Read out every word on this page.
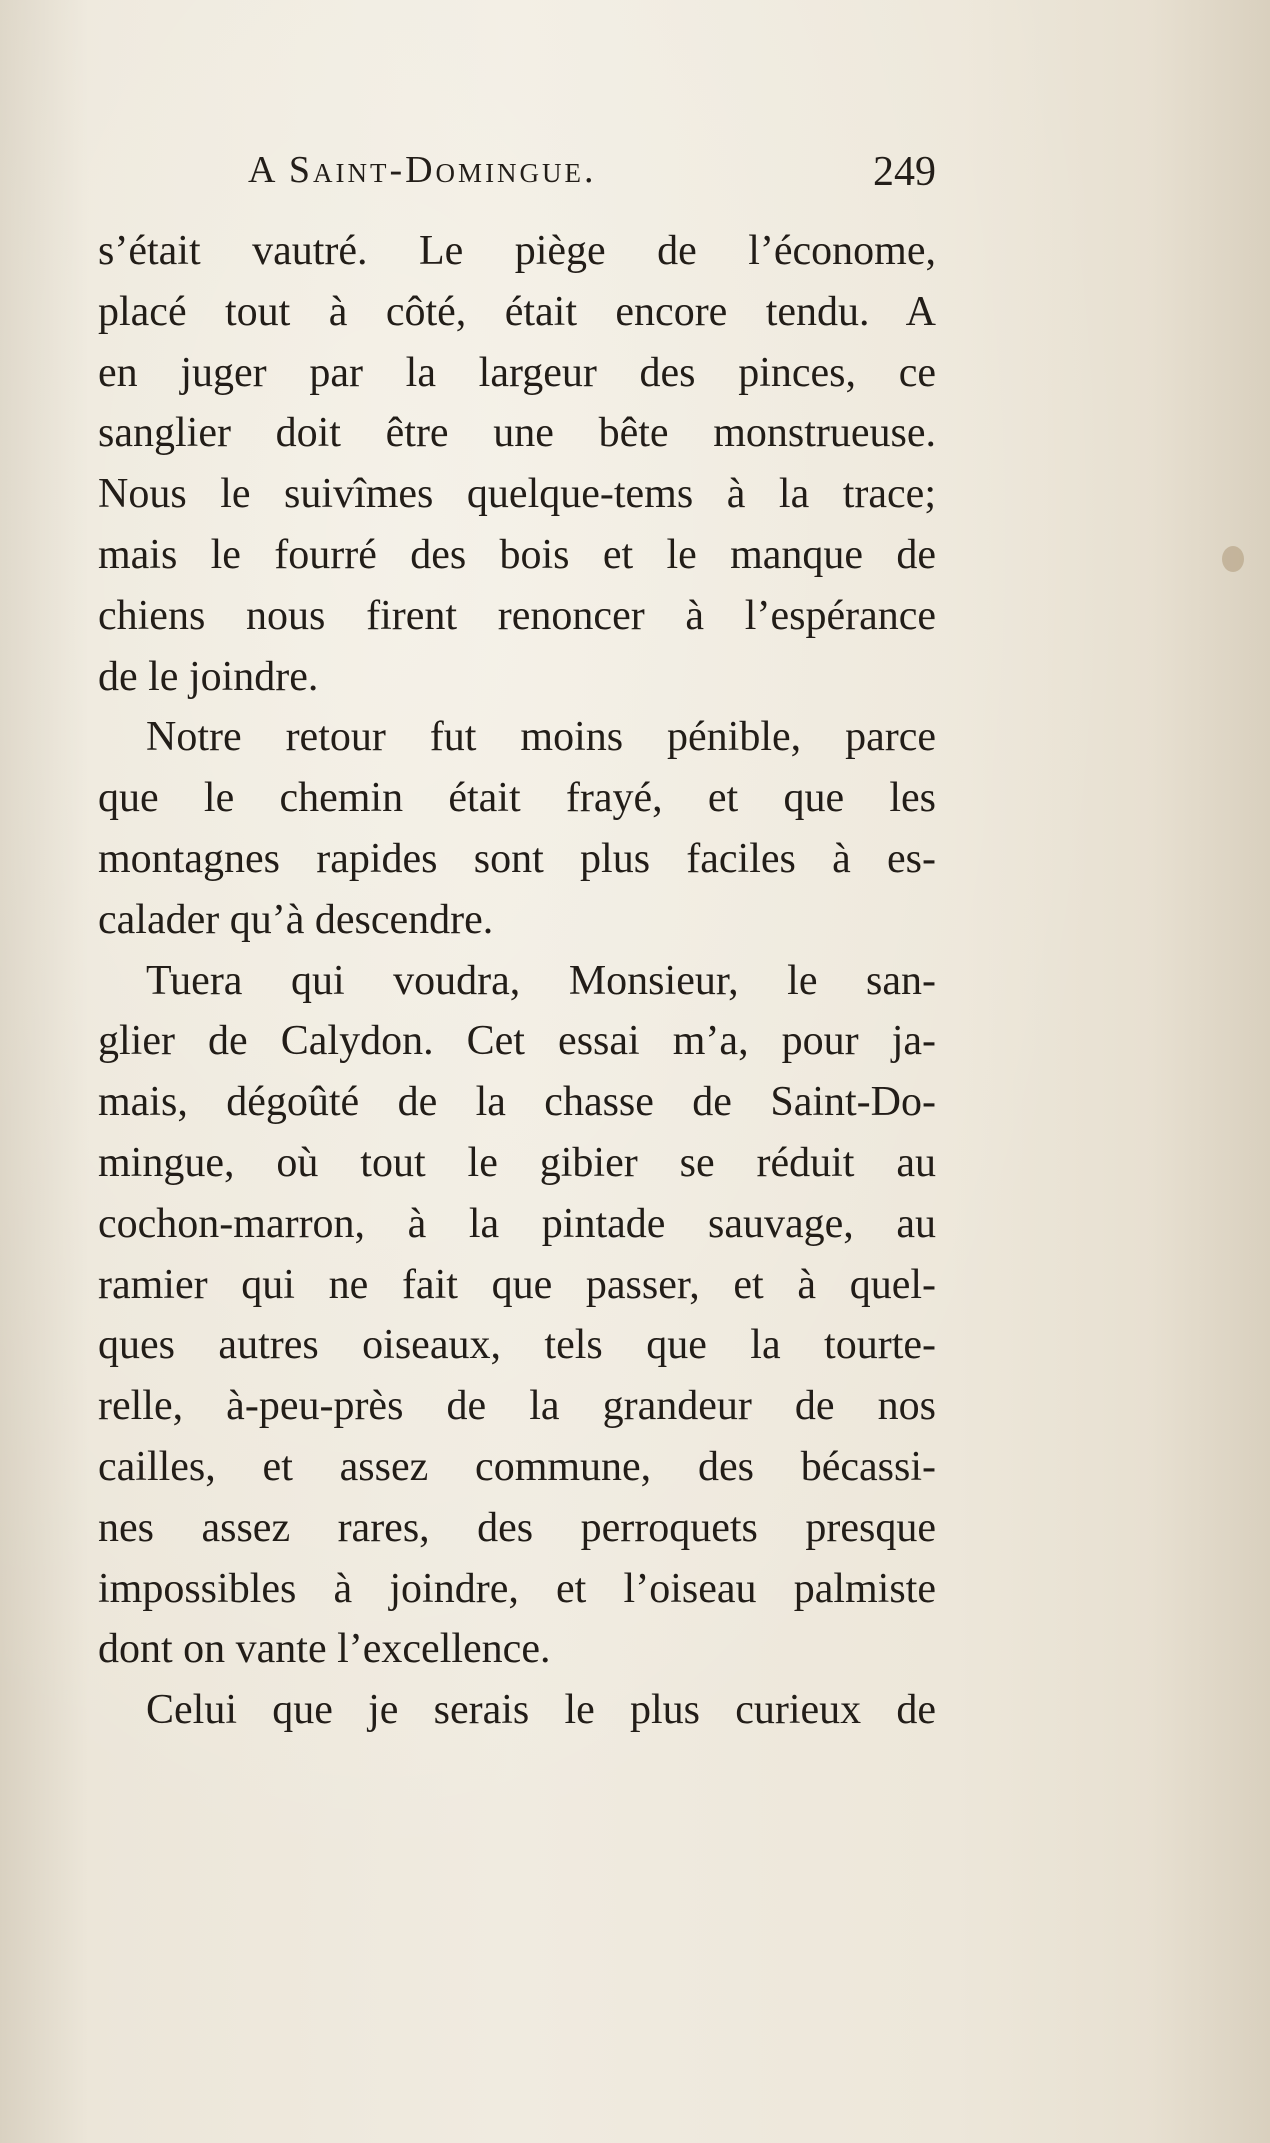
A Saint-Domingue.	249
s’était vautré. Le piège de l’économe,
placé tout à côté, était encore tendu. A
en juger par la largeur des pinces, ce
sanglier doit être une bête monstrueuse.
Nous le suivîmes quelque-tems à la trace;
mais le fourré des bois et le manque de
chiens nous firent renoncer à l’espérance
de le joindre.
Notre retour fut moins pénible, parce
que le chemin était frayé, et que les
montagnes rapides sont plus faciles à es-
calader qu’à descendre.
Tuera qui voudra, Monsieur, le san-
glier de Calydon. Cet essai m’a, pour ja-
mais, dégoûté de la chasse de Saint-Do-
mingue, où tout le gibier se réduit au
cochon-marron, à la pintade sauvage, au
ramier qui ne fait que passer, et à quel-
ques autres oiseaux, tels que la tourte-
relle, à-peu-près de la grandeur de nos
cailles, et assez commune, des bécassi-
nes assez rares, des perroquets presque
impossibles à joindre, et l’oiseau palmiste
dont on vante l’excellence.
Celui que je serais le plus curieux de
